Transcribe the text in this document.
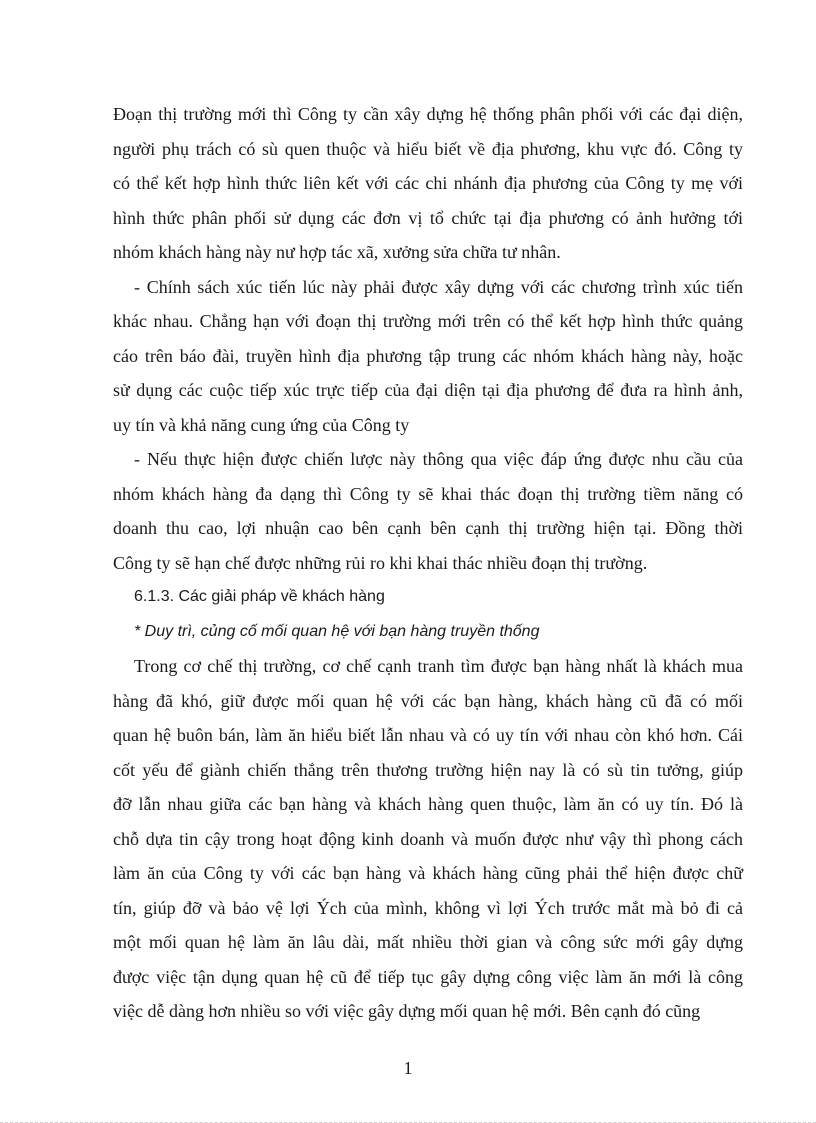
Đoạn thị trường mới thì Công ty cần xây dựng hệ thống phân phối với các đại diện,
người phụ trách có sù quen thuộc và hiểu biết về địa phương, khu vực đó. Công ty
có thể kết hợp hình thức liên kết với các chi nhánh địa phương của Công ty mẹ với
hình thức phân phối sử dụng các đơn vị tổ chức tại địa phương có ảnh hưởng tới
nhóm khách hàng này nư hợp tác xã, xưởng sửa chữa tư nhân.
- Chính sách xúc tiến lúc này phải được xây dựng với các chương trình xúc tiến
khác nhau. Chẳng hạn với đoạn thị trường mới trên có thể kết hợp hình thức quảng
cáo trên báo đài, truyền hình địa phương tập trung các nhóm khách hàng này, hoặc
sử dụng các cuộc tiếp xúc trực tiếp của đại diện tại địa phương để đưa ra hình ảnh,
uy tín và khả năng cung ứng của Công ty
- Nếu thực hiện được chiến lược này thông qua việc đáp ứng được nhu cầu của
nhóm khách hàng đa dạng thì Công ty sẽ khai thác đoạn thị trường tiềm năng có
doanh thu cao, lợi nhuận cao bên cạnh bên cạnh thị trường hiện tại. Đồng thời
Công ty sẽ hạn chế được những rủi ro khi khai thác nhiều đoạn thị trường.
6.1.3. Các giải pháp về khách hàng
* Duy trì, củng cố mối quan hệ với bạn hàng truyền thống
Trong cơ chế thị trường, cơ chế cạnh tranh tìm được bạn hàng nhất là khách mua
hàng đã khó, giữ được mối quan hệ với các bạn hàng, khách hàng cũ đã có mối
quan hệ buôn bán, làm ăn hiểu biết lẫn nhau và có uy tín với nhau còn khó hơn. Cái
cốt yếu để giành chiến thắng trên thương trường hiện nay là có sù tin tưởng, giúp
đỡ lẫn nhau giữa các bạn hàng và khách hàng quen thuộc, làm ăn có uy tín. Đó là
chỗ dựa tin cậy trong hoạt động kinh doanh và muốn được như vậy thì phong cách
làm ăn của Công ty với các bạn hàng và khách hàng cũng phải thể hiện được chữ
tín, giúp đỡ và bảo vệ lợi Ých của mình, không vì lợi Ých trước mắt mà bỏ đi cả
một mối quan hệ làm ăn lâu dài, mất nhiều thời gian và công sức mới gây dựng
được việc tận dụng quan hệ cũ để tiếp tục gây dựng công việc làm ăn mới là công
việc dễ dàng hơn nhiều so với việc gây dựng mối quan hệ mới. Bên cạnh đó cũng
1
